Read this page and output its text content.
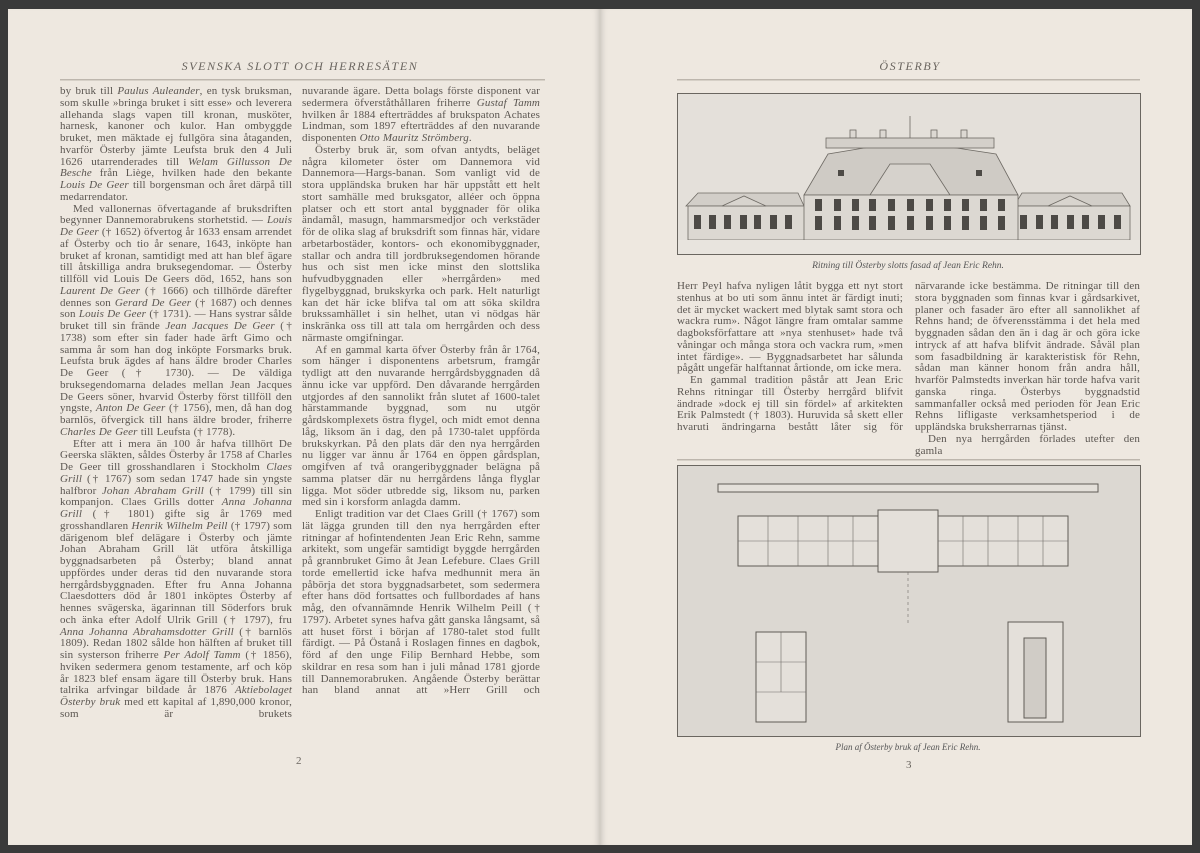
SVENSKA SLOTT OCH HERRESÄTEN

by bruk till Paulus Auleander, en tysk bruksman, som skulle »bringa bruket i sitt esse» och leverera allehanda slags vapen till kronan, musköter, harnesk, kanoner och kulor. Han ombyggde bruket, men mäktade ej fullgöra sina åtaganden, hvarför Österby jämte Leufsta bruk den 4 Juli 1626 utarrenderades till Welam Gillusson De Besche från Liège, hvilken hade den bekante Louis De Geer till borgensman och året därpå till medarrendator.

Med vallonernas öfvertagande af bruksdriften begynner Dannemorabrukens storhetstid. — Louis De Geer († 1652) öfvertog år 1633 ensam arrendet af Österby och tio år senare, 1643, inköpte han bruket af kronan, samtidigt med att han blef ägare till åtskilliga andra bruksegendomar. — Österby tillföll vid Louis De Geers död, 1652, hans son Laurent De Geer († 1666) och tillhörde därefter dennes son Gerard De Geer († 1687) och dennes son Louis De Geer († 1731). — Hans systrar sålde bruket till sin frände Jean Jacques De Geer († 1738) som efter sin fader hade ärft Gimo och samma år som han dog inköpte Forsmarks bruk. Leufsta bruk ägdes af hans äldre broder Charles De Geer († 1730). — De väldiga bruksegendomarna delades mellan Jean Jacques De Geers söner, hvarvid Österby först tillföll den yngste, Anton De Geer († 1756), men, då han dog barnlös, öfvergick till hans äldre broder, friherre Charles De Geer till Leufsta († 1778).

Efter att i mera än 100 år hafva tillhört De Geerska släkten, såldes Österby år 1758 af Charles De Geer till grosshandlaren i Stockholm Claes Grill († 1767) som sedan 1747 hade sin yngste halfbror Johan Abraham Grill († 1799) till sin kompanjon. Claes Grills dotter Anna Johanna Grill († 1801) gifte sig år 1769 med grosshandlaren Henrik Wilhelm Peill († 1797) som därigenom blef delägare i Österby och jämte Johan Abraham Grill lät utföra åtskilliga byggnadsarbeten på Österby; bland annat uppfördes under deras tid den nuvarande stora herrgårdsbyggnaden. Efter fru Anna Johanna Claesdotters död år 1801 inköptes Österby af hennes svägerska, ägarinnan till Söderfors bruk och änka efter Adolf Ulrik Grill († 1797), fru Anna Johanna Abrahamsdotter Grill († barnlös 1809). Redan 1802 sålde hon hälften af bruket till sin systerson friherre Per Adolf Tamm († 1856), hviken sedermera genom testamente, arf och köp år 1823 blef ensam ägare till Österby bruk. Hans talrika arfvingar bildade år 1876 Aktiebolaget Österby bruk med ett kapital af 1,890,000 kronor, som är brukets

nuvarande ägare. Detta bolags förste disponent var sedermera öfverståthållaren friherre Gustaf Tamm hvilken år 1884 efterträddes af brukspaton Achates Lindman, som 1897 efterträddes af den nuvarande disponenten Otto Mauritz Strömberg.

Österby bruk är, som ofvan antydts, beläget några kilometer öster om Dannemora vid Dannemora—Hargs-banan. Som vanligt vid de stora uppländska bruken har här uppstått ett helt stort samhälle med bruksgator, alléer och öppna platser och ett stort antal byggnader för olika ändamål, masugn, hammarsmedjor och verkstäder för de olika slag af bruksdrift som finnas här, vidare arbetarbostäder, kontors- och ekonomibyggnader, stallar och andra till jordbruksegendomen hörande hus och sist men icke minst den slottslika hufvudbyggnaden eller »herrgården» med flygelbyggnad, brukskyrka och park. Helt naturligt kan det här icke blifva tal om att söka skildra brukssamhället i sin helhet, utan vi nödgas här inskränka oss till att tala om herrgården och dess närmaste omgifningar.

Af en gammal karta öfver Österby från år 1764, som hänger i disponentens arbetsrum, framgår tydligt att den nuvarande herrgårdsbyggnaden då ännu icke var uppförd. Den dåvarande herrgården utgjordes af den sannolikt från slutet af 1600-talet härstammande byggnad, som nu utgör gårdskomplexets östra flygel, och midt emot denna låg, liksom än i dag, den på 1730-talet uppförda brukskyrkan. På den plats där den nya herrgården nu ligger var ännu år 1764 en öppen gårdsplan, omgifven af två orangeribyggnader belägna på samma platser där nu herrgårdens långa flyglar ligga. Mot söder utbredde sig, liksom nu, parken med sin i korsform anlagda damm.

Enligt tradition var det Claes Grill († 1767) som lät lägga grunden till den nya herrgården efter ritningar af hofintendenten Jean Eric Rehn, samme arkitekt, som ungefär samtidigt byggde herrgården på grannbruket Gimo åt Jean Lefebure. Claes Grill torde emellertid icke hafva medhunnit mera än påbörja det stora byggnadsarbetet, som sedermera efter hans död fortsattes och fullbordades af hans måg, den ofvannämnde Henrik Wilhelm Peill († 1797). Arbetet synes hafva gått ganska långsamt, så att huset först i början af 1780-talet stod fullt färdigt. — På Östanå i Roslagen finnes en dagbok, förd af den unge Filip Bernhard Hebbe, som skildrar en resa som han i juli månad 1781 gjorde till Dannemorabruken. Angående Österby berättar han bland annat att »Herr Grill och

2
ÖSTERBY
Ritning till Österby slotts fasad af Jean Eric Rehn.

Herr Peyl hafva nyligen låtit bygga ett nyt stort stenhus at bo uti som ännu intet är färdigt inuti; det är mycket wackert med blytak samt stora och wackra rum». Något längre fram omtalar samme dagboksförfattare att »nya stenhuset» hade två våningar och många stora och vackra rum, »men intet färdige». — Byggnadsarbetet har sålunda pågått ungefär halftannat årtionde, om icke mera.

En gammal tradition påstår att Jean Eric Rehns ritningar till Österby herrgård blifvit ändrade »dock ej till sin fördel» af arkitekten Erik Palmstedt († 1803). Huruvida så skett eller hvaruti ändringarna bestått låter sig för

närvarande icke bestämma. De ritningar till den stora byggnaden som finnas kvar i gårdsarkivet, planer och fasader äro efter all sannolikhet af Rehns hand; de öfverensstämma i det hela med byggnaden sådan den än i dag är och göra icke intryck af att hafva blifvit ändrade. Såväl plan som fasadbildning är karakteristisk för Rehn, sådan man känner honom från andra håll, hvarför Palmstedts inverkan här torde hafva varit ganska ringa. Österbys byggnadstid sammanfaller också med perioden för Jean Eric Rehns lifligaste verksamhetsperiod i de uppländska bruksherrarnas tjänst.

Den nya herrgården förlades utefter den gamla

Plan af Österby bruk af Jean Eric Rehn.
3
